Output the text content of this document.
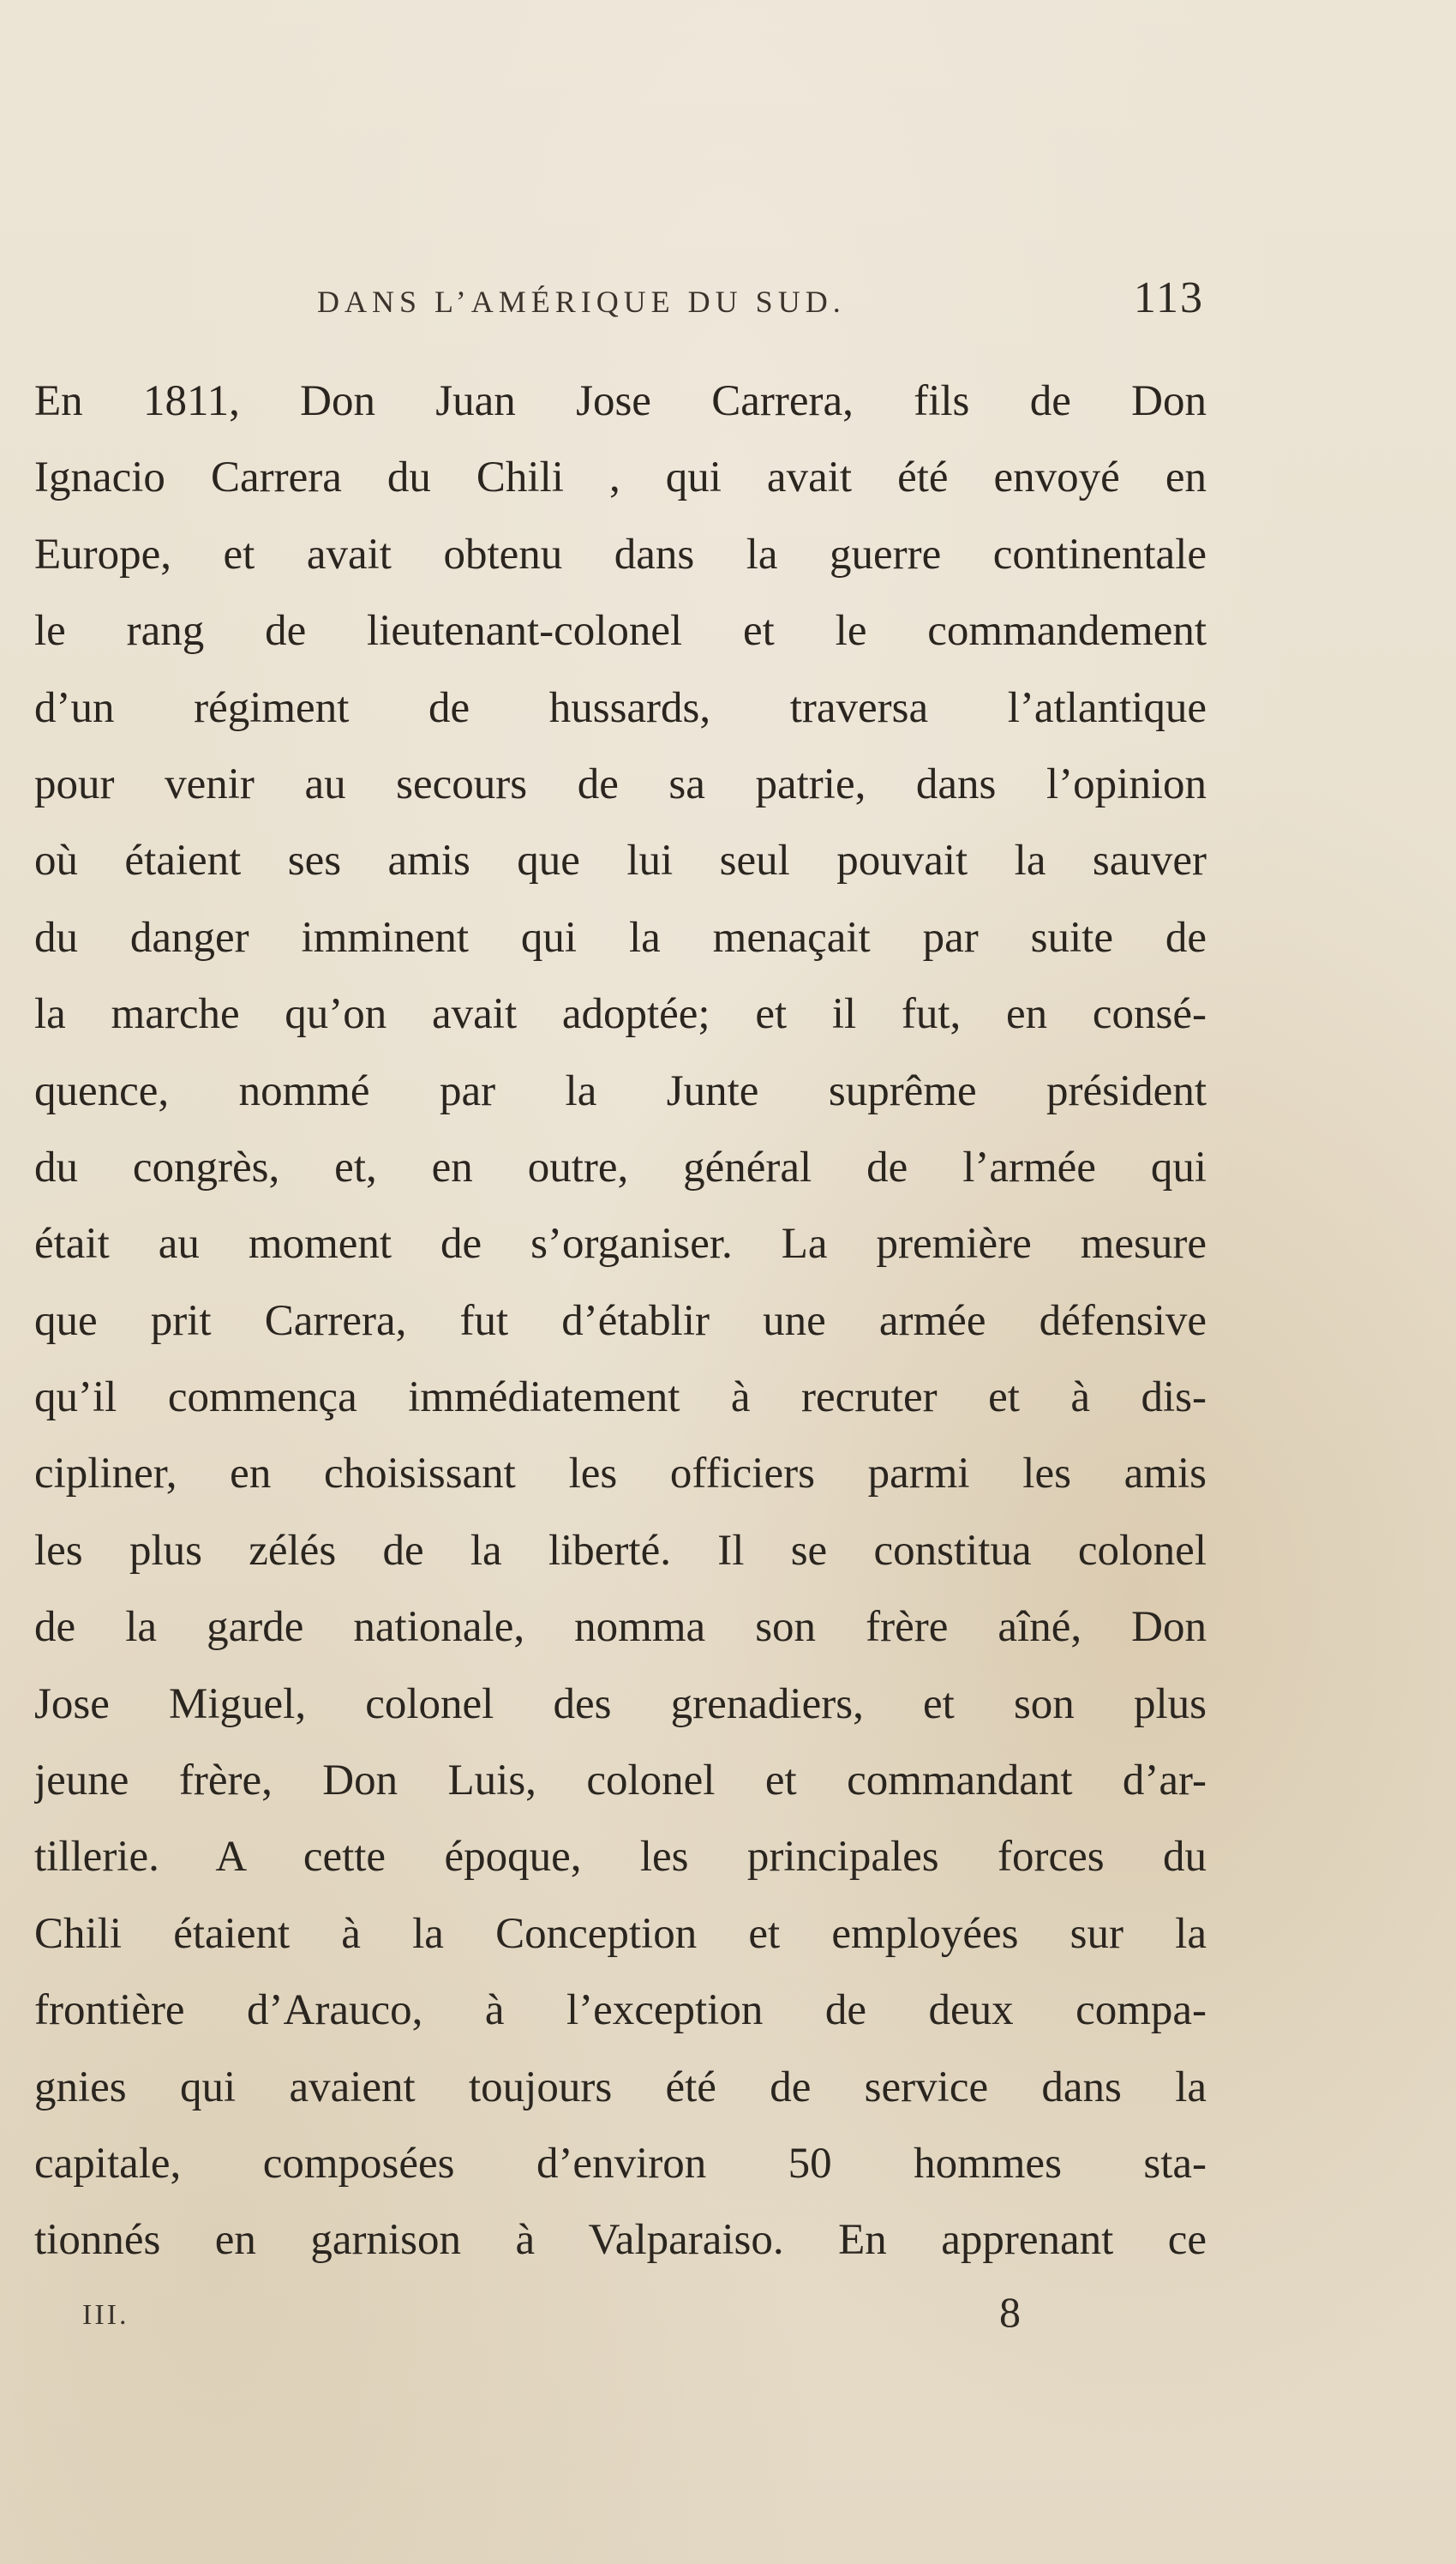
DANS L’AMÉRIQUE DU SUD.	113
En 1811, Don Juan Jose Carrera, fils de Don
Ignacio Carrera du Chili , qui avait été envoyé en
Europe, et avait obtenu dans la guerre continentale
le rang de lieutenant-colonel et le commandement
d’un régiment de hussards, traversa l’atlantique
pour venir au secours de sa patrie, dans l’opinion
où étaient ses amis que lui seul pouvait la sauver
du danger imminent qui la menaçait par suite de
la marche qu’on avait adoptée; et il fut, en consé-
quence, nommé par la Junte suprême président
du congrès, et, en outre, général de l’armée qui
était au moment de s’organiser. La première mesure
que prit Carrera, fut d’établir une armée défensive
qu’il commença immédiatement à recruter et à dis-
cipliner, en choisissant les officiers parmi les amis
les plus zélés de la liberté. Il se constitua colonel
de la garde nationale, nomma son frère aîné, Don
Jose Miguel, colonel des grenadiers, et son plus
jeune frère, Don Luis, colonel et commandant d’ar-
tillerie. A cette époque, les principales forces du
Chili étaient à la Conception et employées sur la
frontière d’Arauco, à l’exception de deux compa-
gnies qui avaient toujours été de service dans la
capitale, composées d’environ 50 hommes sta-
tionnés en garnison à Valparaiso. En apprenant ce
III.	8
